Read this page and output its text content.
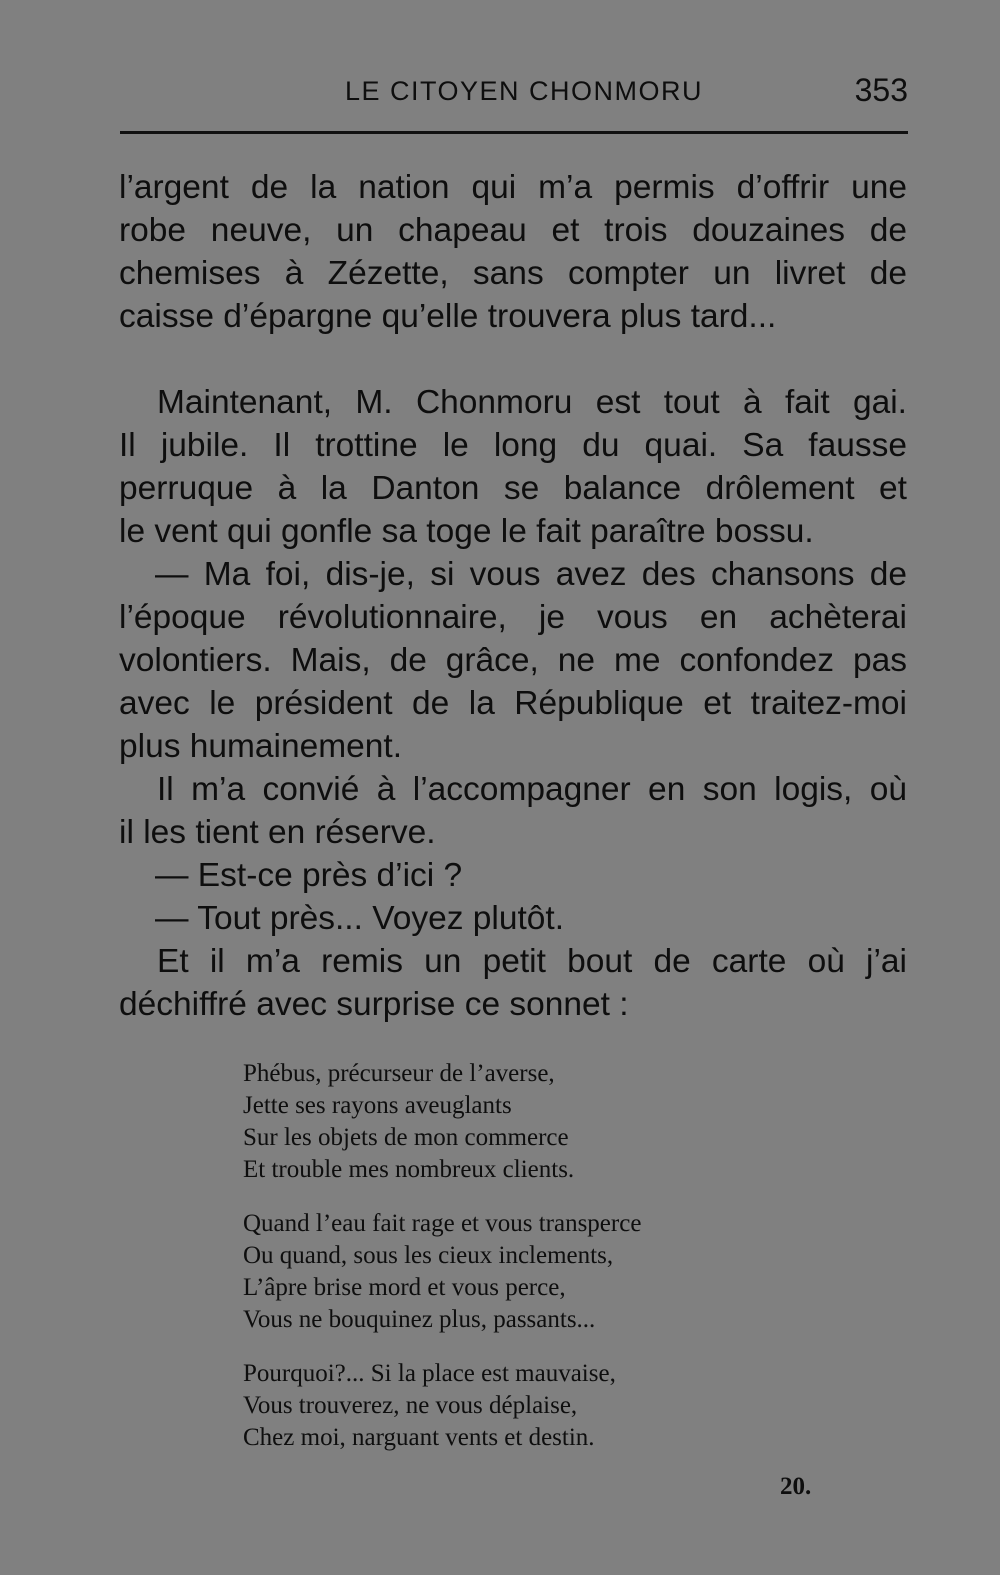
LE CITOYEN CHONMORU	353
l’argent de la nation qui m’a permis d’offrir une
robe neuve, un chapeau et trois douzaines de
chemises à Zézette, sans compter un livret de
caisse d’épargne qu’elle trouvera plus tard...
Maintenant, M. Chonmoru est tout à fait gai.
Il jubile. Il trottine le long du quai. Sa fausse
perruque à la Danton se balance drôlement et
le vent qui gonfle sa toge le fait paraître bossu.
— Ma foi, dis-je, si vous avez des chansons de
l’époque révolutionnaire, je vous en achèterai
volontiers. Mais, de grâce, ne me confondez pas
avec le président de la République et traitez-moi
plus humainement.
Il m’a convié à l’accompagner en son logis, où
il les tient en réserve.
— Est-ce près d’ici ?
— Tout près... Voyez plutôt.
Et il m’a remis un petit bout de carte où j’ai
déchiffré avec surprise ce sonnet :
Phébus, précurseur de l’averse,
Jette ses rayons aveuglants
Sur les objets de mon commerce
Et trouble mes nombreux clients.
Quand l’eau fait rage et vous transperce
Ou quand, sous les cieux inclements,
L’âpre brise mord et vous perce,
Vous ne bouquinez plus, passants...
Pourquoi?... Si la place est mauvaise,
Vous trouverez, ne vous déplaise,
Chez moi, narguant vents et destin.
20.
